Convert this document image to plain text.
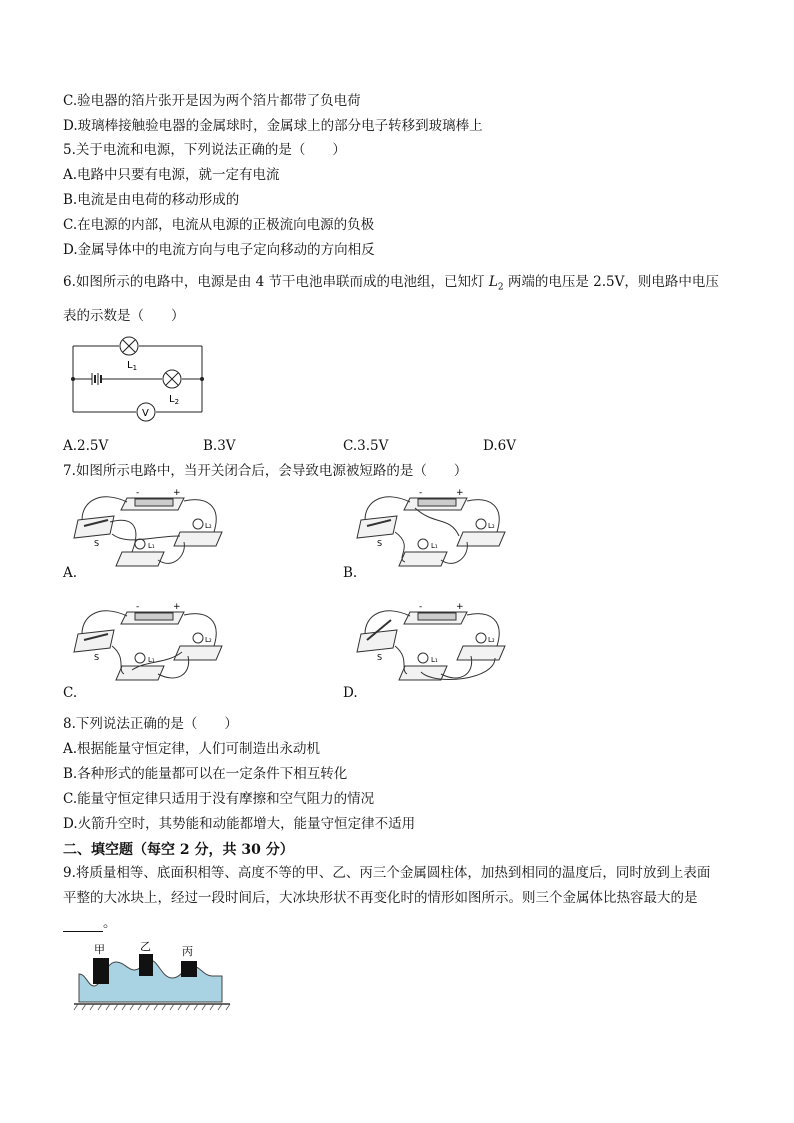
C.验电器的箔片张开是因为两个箔片都带了负电荷
D.玻璃棒接触验电器的金属球时，金属球上的部分电子转移到玻璃棒上
5.关于电流和电源，下列说法正确的是（　　）
A.电路中只要有电源，就一定有电流
B.电流是由电荷的移动形成的
C.在电源的内部，电流从电源的正极流向电源的负极
D.金属导体中的电流方向与电子定向移动的方向相反
6.如图所示的电路中，电源是由 4 节干电池串联而成的电池组，已知灯 $L_2$ 两端的电压是 2.5V，则电路中电压
表的示数是（　　）
$L_1$
$L_2$
V
A.2.5V	B.3V	C.3.5V	D.6V
7.如图所示电路中，当开关闭合后，会导致电源被短路的是（　　）
+
-
S	L₁
L₂
A.
+
-
S	L₁
L₂
B.
+
-
S	L₁
L₂
C.
+
-
S	L₁
L₂
D.
8.下列说法正确的是（　　）
A.根据能量守恒定律，人们可制造出永动机
B.各种形式的能量都可以在一定条件下相互转化
C.能量守恒定律只适用于没有摩擦和空气阻力的情况
D.火箭升空时，其势能和动能都增大，能量守恒定律不适用
二、填空题（每空 2 分，共 30 分）
9.将质量相等、底面积相等、高度不等的甲、乙、丙三个金属圆柱体，加热到相同的温度后，同时放到上表面
平整的大冰块上，经过一段时间后，大冰块形状不再变化时的情形如图所示。则三个金属体比热容最大的是
。
甲	乙	丙
